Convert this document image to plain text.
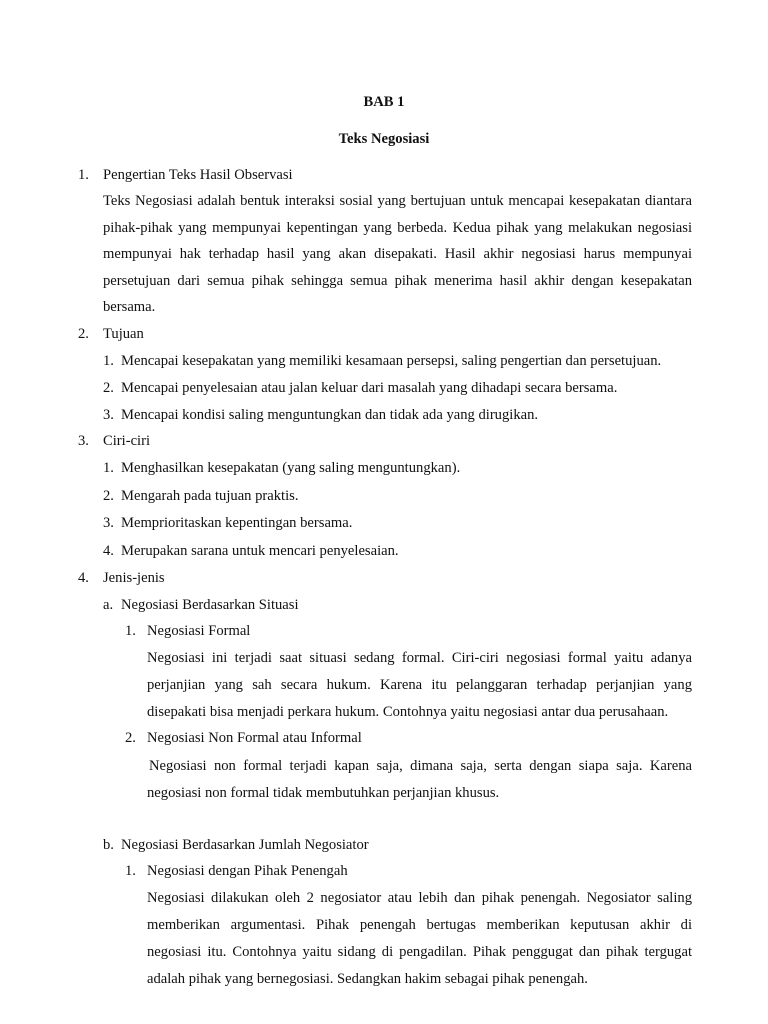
BAB 1
Teks Negosiasi
1. Pengertian Teks Hasil Observasi
Teks Negosiasi adalah bentuk interaksi sosial yang bertujuan untuk mencapai kesepakatan diantara
pihak-pihak yang mempunyai kepentingan yang berbeda. Kedua pihak yang melakukan negosiasi
mempunyai hak terhadap hasil yang akan disepakati. Hasil akhir negosiasi harus mempunyai
persetujuan dari semua pihak sehingga semua pihak menerima hasil akhir dengan kesepakatan
bersama.
2. Tujuan
1. Mencapai kesepakatan yang memiliki kesamaan persepsi, saling pengertian dan persetujuan.
2. Mencapai penyelesaian atau jalan keluar dari masalah yang dihadapi secara bersama.
3. Mencapai kondisi saling menguntungkan dan tidak ada yang dirugikan.
3. Ciri-ciri
1. Menghasilkan kesepakatan (yang saling menguntungkan).
2. Mengarah pada tujuan praktis.
3. Memprioritaskan kepentingan bersama.
4. Merupakan sarana untuk mencari penyelesaian.
4. Jenis-jenis
a. Negosiasi Berdasarkan Situasi
1. Negosiasi Formal
Negosiasi ini terjadi saat situasi sedang formal. Ciri-ciri negosiasi formal yaitu adanya
perjanjian yang sah secara hukum. Karena itu pelanggaran terhadap perjanjian yang
disepakati bisa menjadi perkara hukum. Contohnya yaitu negosiasi antar dua perusahaan.
2. Negosiasi Non Formal atau Informal
Negosiasi non formal terjadi kapan saja, dimana saja, serta dengan siapa saja. Karena
negosiasi non formal tidak membutuhkan perjanjian khusus.
b. Negosiasi Berdasarkan Jumlah Negosiator
1. Negosiasi dengan Pihak Penengah
Negosiasi dilakukan oleh 2 negosiator atau lebih dan pihak penengah. Negosiator saling
memberikan argumentasi. Pihak penengah bertugas memberikan keputusan akhir di
negosiasi itu. Contohnya yaitu sidang di pengadilan. Pihak penggugat dan pihak tergugat
adalah pihak yang bernegosiasi. Sedangkan hakim sebagai pihak penengah.
